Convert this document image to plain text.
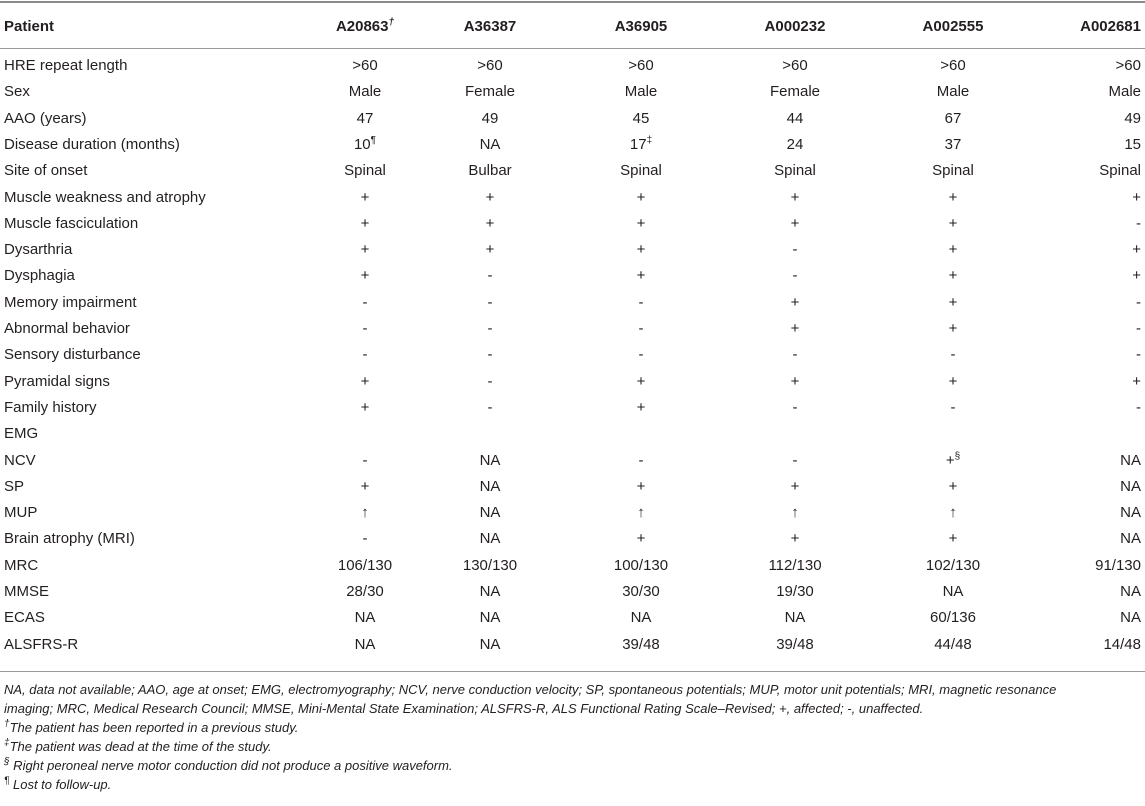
Patient	A20863†	A36387	A36905	A000232	A002555	A002681
HRE repeat length	>60	>60	>60	>60	>60	>60
Sex	Male	Female	Male	Female	Male	Male
AAO (years)	47	49	45	44	67	49
Disease duration (months)	10¶	NA	17‡	24	37	15
Site of onset	Spinal	Bulbar	Spinal	Spinal	Spinal	Spinal
Muscle weakness and atrophy	+	+	+	+	+	+
Muscle fasciculation	+	+	+	+	+	-
Dysarthria	+	+	+	-	+	+
Dysphagia	+	-	+	-	+	+
Memory impairment	-	-	-	+	+	-
Abnormal behavior	-	-	-	+	+	-
Sensory disturbance	-	-	-	-	-	-
Pyramidal signs	+	-	+	+	+	+
Family history	+	-	+	-	-	-
EMG
NCV	-	NA	-	-	+§	NA
SP	+	NA	+	+	+	NA
MUP	↑	NA	↑	↑	↑	NA
Brain atrophy (MRI)	-	NA	+	+	+	NA
MRC	106/130	130/130	100/130	112/130	102/130	91/130
MMSE	28/30	NA	30/30	19/30	NA	NA
ECAS	NA	NA	NA	NA	60/136	NA
ALSFRS-R	NA	NA	39/48	39/48	44/48	14/48
NA, data not available; AAO, age at onset; EMG, electromyography; NCV, nerve conduction velocity; SP, spontaneous potentials; MUP, motor unit potentials; MRI, magnetic resonance
imaging; MRC, Medical Research Council; MMSE, Mini-Mental State Examination; ALSFRS-R, ALS Functional Rating Scale–Revised; +, affected; -, unaffected.
†The patient has been reported in a previous study.
‡The patient was dead at the time of the study.
§ Right peroneal nerve motor conduction did not produce a positive waveform.
¶ Lost to follow-up.
